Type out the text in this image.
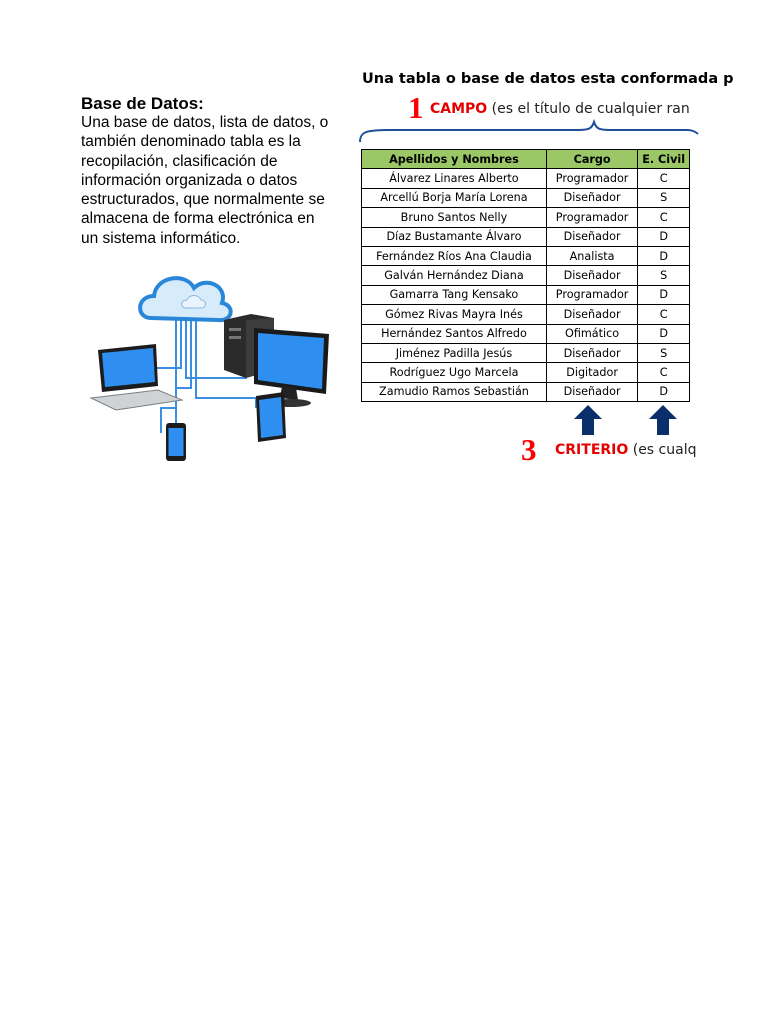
Base de Datos:
Una base de datos, lista de datos, o también denominado tabla es la recopilación, clasificación de información organizada o datos estructurados, que normalmente se almacena de forma electrónica en un sistema informático.
Una tabla o base de datos esta conformada p
1 CAMPO (es el título de cualquier ran
Apellidos y Nombres	Cargo	E. Civil
Álvarez Linares Alberto	Programador	C
Arcellú Borja María Lorena	Diseñador	S
Bruno Santos Nelly	Programador	C
Díaz Bustamante Álvaro	Diseñador	D
Fernández Ríos Ana Claudia	Analista	D
Galván Hernández Diana	Diseñador	S
Gamarra Tang Kensako	Programador	D
Gómez Rivas Mayra Inés	Diseñador	C
Hernández Santos Alfredo	Ofimático	D
Jiménez Padilla Jesús	Diseñador	S
Rodríguez Ugo Marcela	Digitador	C
Zamudio Ramos Sebastián	Diseñador	D
3 CRITERIO (es cualq
